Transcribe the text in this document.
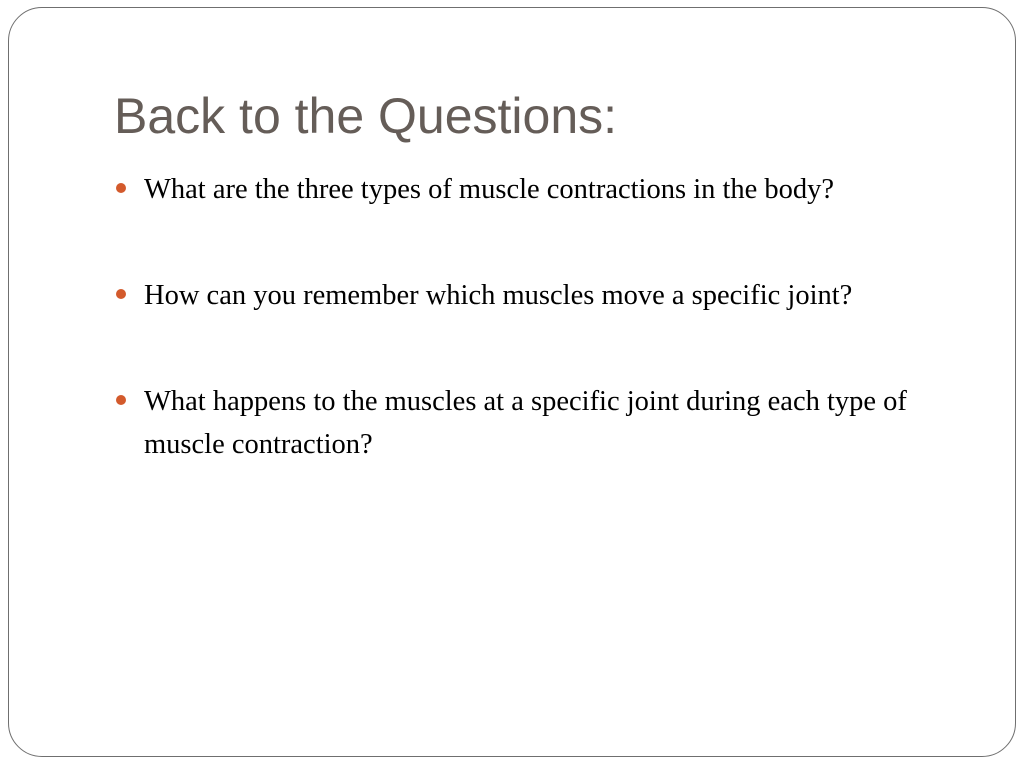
Back to the Questions:
What are the three types of muscle contractions in the body?
How can you remember which muscles move a specific joint?
What happens to the muscles at a specific joint during each type of muscle contraction?
